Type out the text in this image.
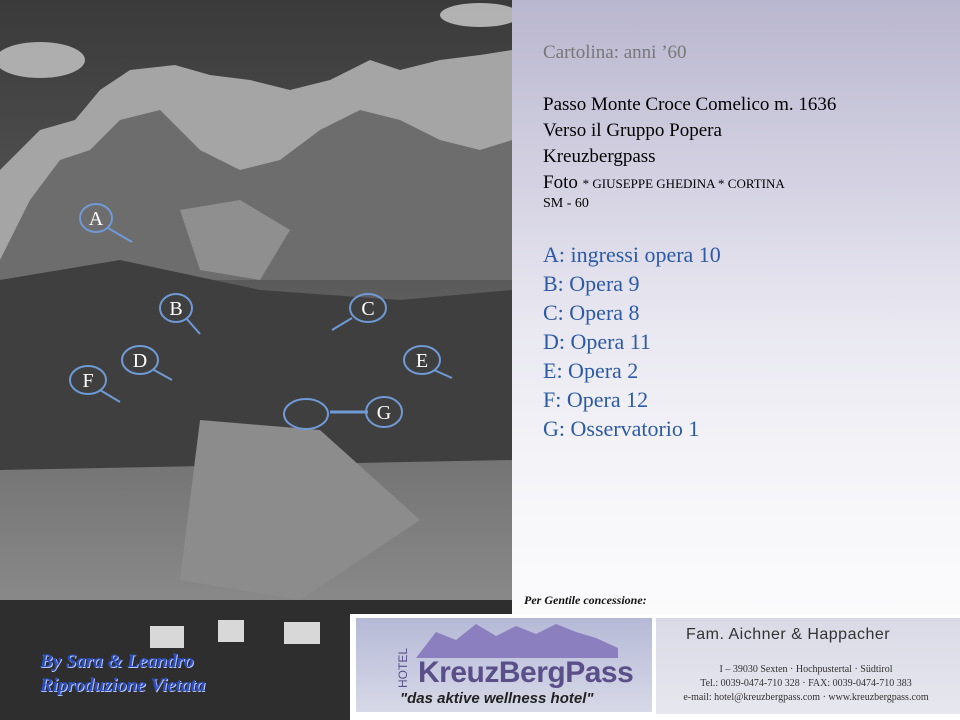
A
B	C
D	E
F
G
By Sara & Leandro
Riproduzione Vietata
Cartolina: anni ’60
Passo Monte Croce Comelico m. 1636
Verso il Gruppo Popera
Kreuzbergpass
Foto * GIUSEPPE GHEDINA * CORTINA
SM - 60
A: ingressi opera 10
B: Opera 9
C: Opera 8
D: Opera 11
E: Opera 2
F: Opera 12
G: Osservatorio 1
Per Gentile concessione:
HOTEL KreuzBergPass
"das aktive wellness hotel"
Fam. Aichner & Happacher
I – 39030 Sexten · Hochpustertal · Südtirol
Tel.: 0039-0474-710 328 · FAX: 0039-0474-710 383
e-mail: hotel@kreuzbergpass.com · www.kreuzbergpass.com
